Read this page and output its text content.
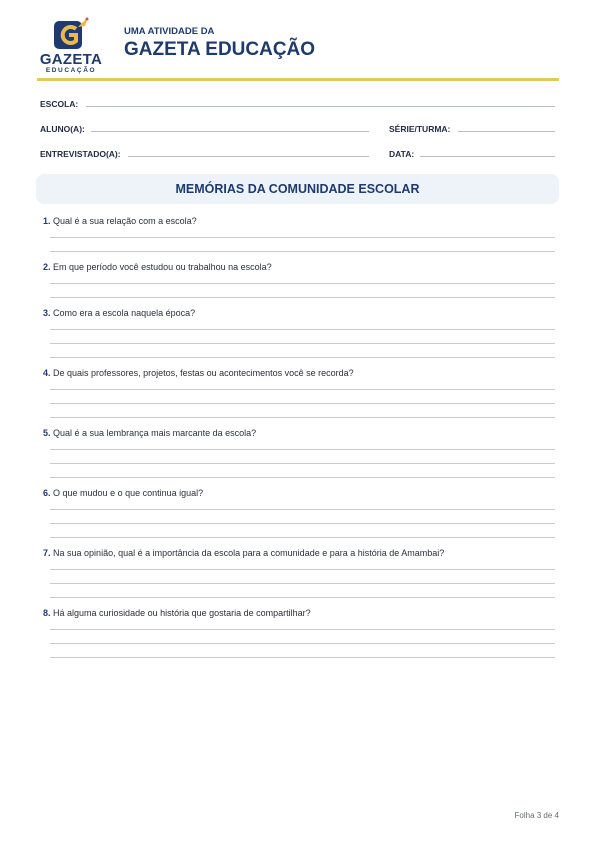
GAZETA
EDUCAÇÃO
UMA ATIVIDADE DA
GAZETA EDUCAÇÃO
ESCOLA:
ALUNO(A):	SÉRIE/TURMA:
ENTREVISTADO(A):	DATA:
MEMÓRIAS DA COMUNIDADE ESCOLAR
1. Qual é a sua relação com a escola?
2. Em que período você estudou ou trabalhou na escola?
3. Como era a escola naquela época?
4. De quais professores, projetos, festas ou acontecimentos você se recorda?
5. Qual é a sua lembrança mais marcante da escola?
6. O que mudou e o que continua igual?
7. Na sua opinião, qual é a importância da escola para a comunidade e para a história de Amambai?
8. Há alguma curiosidade ou história que gostaria de compartilhar?
Folha 3 de 4
